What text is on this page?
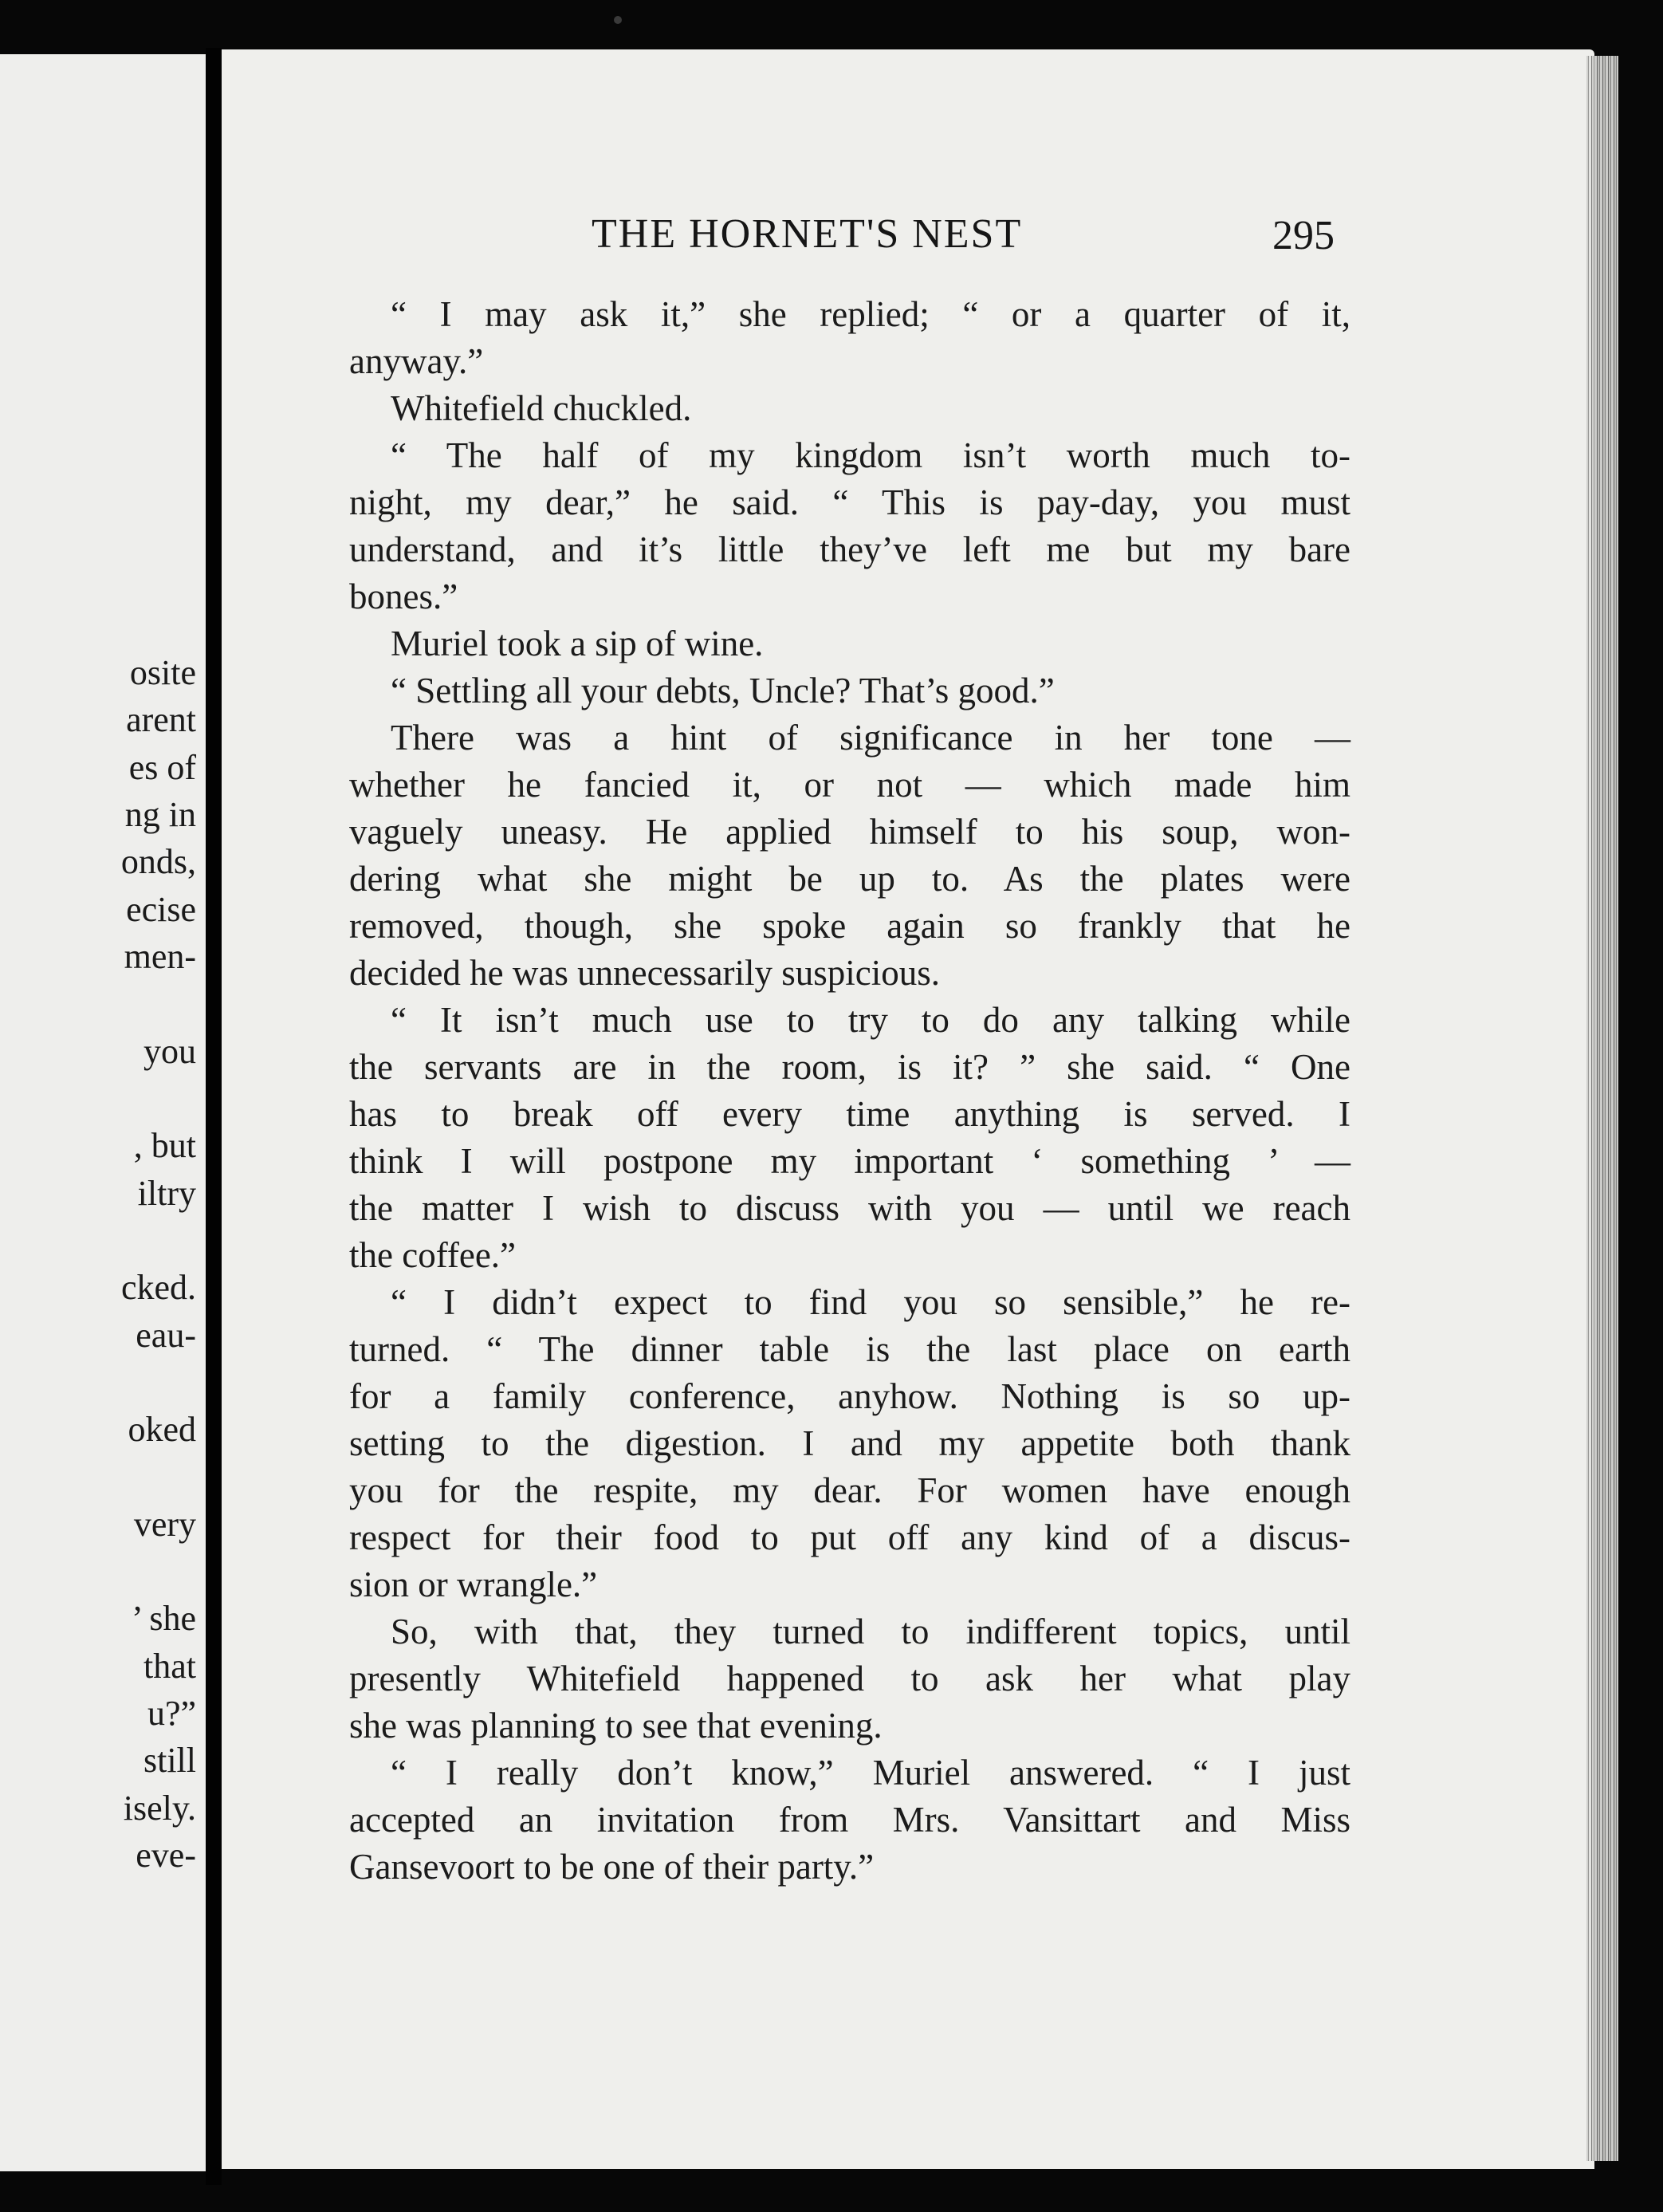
osite
arent
es of
ng in
onds,
ecise
men-
you
, but
iltry
cked.
eau-
oked
very
’ she
that
u?”
still
isely.
eve-
THE HORNET'S NEST	295
“ I may ask it,” she replied; “ or a quarter of it,
anyway.”
Whitefield chuckled.
“ The half of my kingdom isn’t worth much to-
night, my dear,” he said. “ This is pay-day, you must
understand, and it’s little they’ve left me but my bare
bones.”
Muriel took a sip of wine.
“ Settling all your debts, Uncle? That’s good.”
There was a hint of significance in her tone —
whether he fancied it, or not — which made him
vaguely uneasy. He applied himself to his soup, won-
dering what she might be up to. As the plates were
removed, though, she spoke again so frankly that he
decided he was unnecessarily suspicious.
“ It isn’t much use to try to do any talking while
the servants are in the room, is it? ” she said. “ One
has to break off every time anything is served. I
think I will postpone my important ‘ something ’ —
the matter I wish to discuss with you — until we reach
the coffee.”
“ I didn’t expect to find you so sensible,” he re-
turned. “ The dinner table is the last place on earth
for a family conference, anyhow. Nothing is so up-
setting to the digestion. I and my appetite both thank
you for the respite, my dear. For women have enough
respect for their food to put off any kind of a discus-
sion or wrangle.”
So, with that, they turned to indifferent topics, until
presently Whitefield happened to ask her what play
she was planning to see that evening.
“ I really don’t know,” Muriel answered. “ I just
accepted an invitation from Mrs. Vansittart and Miss
Gansevoort to be one of their party.”
